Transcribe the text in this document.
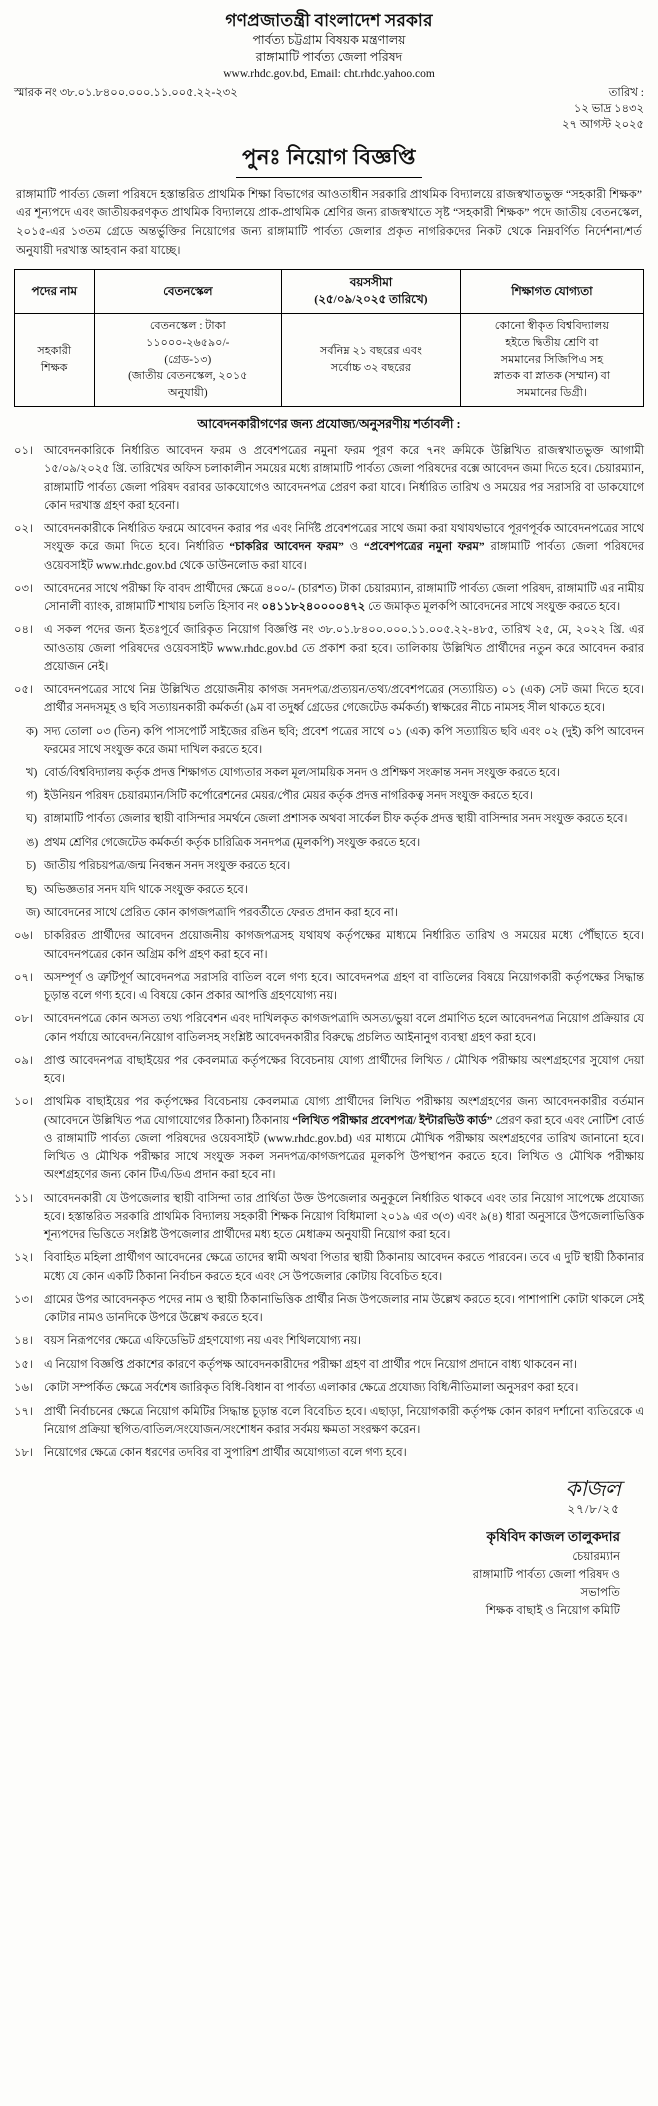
গণপ্রজাতন্ত্রী বাংলাদেশ সরকার
পার্বত্য চট্টগ্রাম বিষয়ক মন্ত্রণালয়
রাঙ্গামাটি পার্বত্য জেলা পরিষদ
www.rhdc.gov.bd, Email: cht.rhdc.yahoo.com
স্মারক নং ৩৮.০১.৮৪০০.০০০.১১.০০৫.২২-২৩২	তারিখ :
১২ ভাদ্র ১৪৩২
২৭ আগস্ট ২০২৫
পুনঃ নিয়োগ বিজ্ঞপ্তি

রাঙ্গামাটি পার্বত্য জেলা পরিষদে হস্তান্তরিত প্রাথমিক শিক্ষা বিভাগের আওতাধীন সরকারি প্রাথমিক বিদ্যালয়ে রাজস্বখাতভুক্ত “সহকারী শিক্ষক” এর শূন্যপদে এবং জাতীয়করণকৃত প্রাথমিক বিদ্যালয়ে প্রাক-প্রাথমিক শ্রেণির জন্য রাজস্বখাতে সৃষ্ট “সহকারী শিক্ষক” পদে জাতীয় বেতনস্কেল, ২০১৫-এর ১৩তম গ্রেডে অন্তর্ভুক্তির নিয়োগের জন্য রাঙ্গামাটি পার্বত্য জেলার প্রকৃত নাগরিকদের নিকট থেকে নিম্নবর্ণিত নির্দেশনা/শর্ত অনুযায়ী দরখাস্ত আহবান করা যাচ্ছে।

পদের নাম	বেতনস্কেল	বয়সসীমা
(২৫/০৯/২০২৫ তারিখে)	শিক্ষাগত যোগ্যতা

সহকারী
শিক্ষক	বেতনস্কেল : টাকা
১১০০০-২৬৫৯০/-
(গ্রেড-১৩)
(জাতীয় বেতনস্কেল, ২০১৫
অনুযায়ী)	সর্বনিম্ন ২১ বছরের এবং
সর্বোচ্চ ৩২ বছরের	কোনো স্বীকৃত বিশ্ববিদ্যালয়
হইতে দ্বিতীয় শ্রেণি বা
সমমানের সিজিপিএ সহ
স্নাতক বা স্নাতক (সম্মান) বা
সমমানের ডিগ্রী।
আবেদনকারীগণের জন্য প্রযোজ্য/অনুসরণীয় শর্তাবলী :
০১। আবেদনকারিকে নির্ধারিত আবেদন ফরম ও প্রবেশপত্রের নমুনা ফরম পূরণ করে ৭নং ক্রমিকে উল্লিখিত রাজস্বখাতভুক্ত আগামী ১৫/০৯/২০২৫ খ্রি. তারিখের অফিস চলাকালীন সময়ের মধ্যে রাঙ্গামাটি পার্বত্য জেলা পরিষদের বক্সে আবেদন জমা দিতে হবে। চেয়ারম্যান, রাঙ্গামাটি পার্বত্য জেলা পরিষদ বরাবর ডাকযোগেও আবেদনপত্র প্রেরণ করা যাবে। নির্ধারিত তারিখ ও সময়ের পর সরাসরি বা ডাকযোগে কোন দরখাস্ত গ্রহণ করা হবেনা।
০২। আবেদনকারীকে নির্ধারিত ফরমে আবেদন করার পর এবং নির্দিষ্ট প্রবেশপত্রের সাথে জমা করা যথাযথভাবে পূরণপূর্বক আবেদনপত্রের সাথে সংযুক্ত করে জমা দিতে হবে। নির্ধারিত “চাকরির আবেদন ফরম” ও “প্রবেশপত্রের নমুনা ফরম” রাঙ্গামাটি পার্বত্য জেলা পরিষদের ওয়েবসাইট www.rhdc.gov.bd থেকে ডাউনলোড করা যাবে।
০৩। আবেদনের সাথে পরীক্ষা ফি বাবদ প্রার্থীদের ক্ষেত্রে ৪০০/- (চারশত) টাকা চেয়ারম্যান, রাঙ্গামাটি পার্বত্য জেলা পরিষদ, রাঙ্গামাটি এর নামীয় সোনালী ব্যাংক, রাঙ্গামাটি শাখায় চলতি হিসাব নং ০৪১১৮২৪০০০০৪৭২ তে জমাকৃত মূলকপি আবেদনের সাথে সংযুক্ত করতে হবে।
০৪। এ সকল পদের জন্য ইতঃপূর্বে জারিকৃত নিয়োগ বিজ্ঞপ্তি নং ৩৮.০১.৮৪০০.০০০.১১.০০৫.২২-৪৮৫, তারিখ ২৫, মে, ২০২২ খ্রি. এর আওতায় জেলা পরিষদের ওয়েবসাইট www.rhdc.gov.bd তে প্রকাশ করা হবে। তালিকায় উল্লিখিত প্রার্থীদের নতুন করে আবেদন করার প্রয়োজন নেই।
০৫। আবেদনপত্রের সাথে নিম্ন উল্লিখিত প্রয়োজনীয় কাগজ সনদপত্র/প্রত্যয়ন/তথ্য/প্রবেশপত্রের (সত্যায়িত) ০১ (এক) সেট জমা দিতে হবে। প্রার্থীর সনদসমূহ ও ছবি সত্যায়নকারী কর্মকর্তা (৯ম বা তদুর্ধ্ব গ্রেডের গেজেটেড কর্মকর্তা) স্বাক্ষরের নীচে নামসহ সীল থাকতে হবে।
ক) সদ্য তোলা ০৩ (তিন) কপি পাসপোর্ট সাইজের রঙিন ছবি; প্রবেশ পত্রের সাথে ০১ (এক) কপি সত্যায়িত ছবি এবং ০২ (দুই) কপি আবেদন ফরমের সাথে সংযুক্ত করে জমা দাখিল করতে হবে।
খ) বোর্ড/বিশ্ববিদ্যালয় কর্তৃক প্রদত্ত শিক্ষাগত যোগ্যতার সকল মূল/সাময়িক সনদ ও প্রশিক্ষণ সংক্রান্ত সনদ সংযুক্ত করতে হবে।
গ) ইউনিয়ন পরিষদ চেয়ারম্যান/সিটি কর্পোরেশনের মেয়র/পৌর মেয়র কর্তৃক প্রদত্ত নাগরিকত্ব সনদ সংযুক্ত করতে হবে।
ঘ) রাঙ্গামাটি পার্বত্য জেলার স্থায়ী বাসিন্দার সমর্থনে জেলা প্রশাসক অথবা সার্কেল চীফ কর্তৃক প্রদত্ত স্থায়ী বাসিন্দার সনদ সংযুক্ত করতে হবে।
ঙ) প্রথম শ্রেণির গেজেটেড কর্মকর্তা কর্তৃক চারিত্রিক সনদপত্র (মূলকপি) সংযুক্ত করতে হবে।
চ) জাতীয় পরিচয়পত্র/জন্ম নিবন্ধন সনদ সংযুক্ত করতে হবে।
ছ) অভিজ্ঞতার সনদ যদি থাকে সংযুক্ত করতে হবে।
জ) আবেদনের সাথে প্রেরিত কোন কাগজপত্রাদি পরবর্তীতে ফেরত প্রদান করা হবে না।
০৬। চাকরিরত প্রার্থীদের আবেদন প্রয়োজনীয় কাগজপত্রসহ যথাযথ কর্তৃপক্ষের মাধ্যমে নির্ধারিত তারিখ ও সময়ের মধ্যে পৌঁছাতে হবে। আবেদনপত্রের কোন অগ্রিম কপি গ্রহণ করা হবে না।
০৭। অসম্পূর্ণ ও ত্রুটিপূর্ণ আবেদনপত্র সরাসরি বাতিল বলে গণ্য হবে। আবেদনপত্র গ্রহণ বা বাতিলের বিষয়ে নিয়োগকারী কর্তৃপক্ষের সিদ্ধান্ত চূড়ান্ত বলে গণ্য হবে। এ বিষয়ে কোন প্রকার আপত্তি গ্রহণযোগ্য নয়।
০৮। আবেদনপত্রে কোন অসত্য তথ্য পরিবেশন এবং দাখিলকৃত কাগজপত্রাদি অসত্য/ভুয়া বলে প্রমাণিত হলে আবেদনপত্র নিয়োগ প্রক্রিয়ার যে কোন পর্যায়ে আবেদন/নিয়োগ বাতিলসহ সংশ্লিষ্ট আবেদনকারীর বিরুদ্ধে প্রচলিত আইনানুগ ব্যবস্থা গ্রহণ করা হবে।
০৯। প্রাপ্ত আবেদনপত্র বাছাইয়ের পর কেবলমাত্র কর্তৃপক্ষের বিবেচনায় যোগ্য প্রার্থীদের লিখিত / মৌখিক পরীক্ষায় অংশগ্রহণের সুযোগ দেয়া হবে।
১০। প্রাথমিক বাছাইয়ের পর কর্তৃপক্ষের বিবেচনায় কেবলমাত্র যোগ্য প্রার্থীদের লিখিত পরীক্ষায় অংশগ্রহণের জন্য আবেদনকারীর বর্তমান (আবেদনে উল্লিখিত পত্র যোগাযোগের ঠিকানা) ঠিকানায় “লিখিত পরীক্ষার প্রবেশপত্র/ ইন্টারভিউ কার্ড” প্রেরণ করা হবে এবং নোটিশ বোর্ড ও রাঙ্গামাটি পার্বত্য জেলা পরিষদের ওয়েবসাইট (www.rhdc.gov.bd) এর মাধ্যমে মৌখিক পরীক্ষায় অংশগ্রহণের তারিখ জানানো হবে। লিখিত ও মৌখিক পরীক্ষার সাথে সংযুক্ত সকল সনদপত্র/কাগজপত্রের মূলকপি উপস্থাপন করতে হবে। লিখিত ও মৌখিক পরীক্ষায় অংশগ্রহণের জন্য কোন টিএ/ডিএ প্রদান করা হবে না।
১১। আবেদনকারী যে উপজেলার স্থায়ী বাসিন্দা তার প্রার্থিতা উক্ত উপজেলার অনুকূলে নির্ধারিত থাকবে এবং তার নিয়োগ সাপেক্ষে প্রযোজ্য হবে। হস্তান্তরিত সরকারি প্রাথমিক বিদ্যালয় সহকারী শিক্ষক নিয়োগ বিধিমালা ২০১৯ এর ৩(৩) এবং ৯(৪) ধারা অনুসারে উপজেলাভিত্তিক শূন্যপদের ভিত্তিতে সংশ্লিষ্ট উপজেলার প্রার্থীদের মধ্য হতে মেধাক্রম অনুযায়ী নিয়োগ করা হবে।
১২। বিবাহিত মহিলা প্রার্থীগণ আবেদনের ক্ষেত্রে তাদের স্বামী অথবা পিতার স্থায়ী ঠিকানায় আবেদন করতে পারবেন। তবে এ দুটি স্থায়ী ঠিকানার মধ্যে যে কোন একটি ঠিকানা নির্বাচন করতে হবে এবং সে উপজেলার কোটায় বিবেচিত হবে।
১৩। গ্রামের উপর আবেদনকৃত পদের নাম ও স্থায়ী ঠিকানাভিত্তিক প্রার্থীর নিজ উপজেলার নাম উল্লেখ করতে হবে। পাশাপাশি কোটা থাকলে সেই কোটার নামও ডানদিকে উপরে উল্লেখ করতে হবে।
১৪। বয়স নিরূপণের ক্ষেত্রে এফিডেভিট গ্রহণযোগ্য নয় এবং শিথিলযোগ্য নয়।
১৫। এ নিয়োগ বিজ্ঞপ্তি প্রকাশের কারণে কর্তৃপক্ষ আবেদনকারীদের পরীক্ষা গ্রহণ বা প্রার্থীর পদে নিয়োগ প্রদানে বাধ্য থাকবেন না।
১৬। কোটা সম্পর্কিত ক্ষেত্রে সর্বশেষ জারিকৃত বিধি-বিধান বা পার্বত্য এলাকার ক্ষেত্রে প্রযোজ্য বিধি/নীতিমালা অনুসরণ করা হবে।
১৭। প্রার্থী নির্বাচনের ক্ষেত্রে নিয়োগ কমিটির সিদ্ধান্ত চূড়ান্ত বলে বিবেচিত হবে। এছাড়া, নিয়োগকারী কর্তৃপক্ষ কোন কারণ দর্শানো ব্যতিরেকে এ নিয়োগ প্রক্রিয়া স্থগিত/বাতিল/সংযোজন/সংশোধন করার সর্বময় ক্ষমতা সংরক্ষণ করেন।
১৮। নিয়োগের ক্ষেত্রে কোন ধরণের তদবির বা সুপারিশ প্রার্থীর অযোগ্যতা বলে গণ্য হবে।
কাজল
২৭/৮/২৫
কৃষিবিদ কাজল তালুকদার
চেয়ারম্যান
রাঙ্গামাটি পার্বত্য জেলা পরিষদ ও
সভাপতি
শিক্ষক বাছাই ও নিয়োগ কমিটি
